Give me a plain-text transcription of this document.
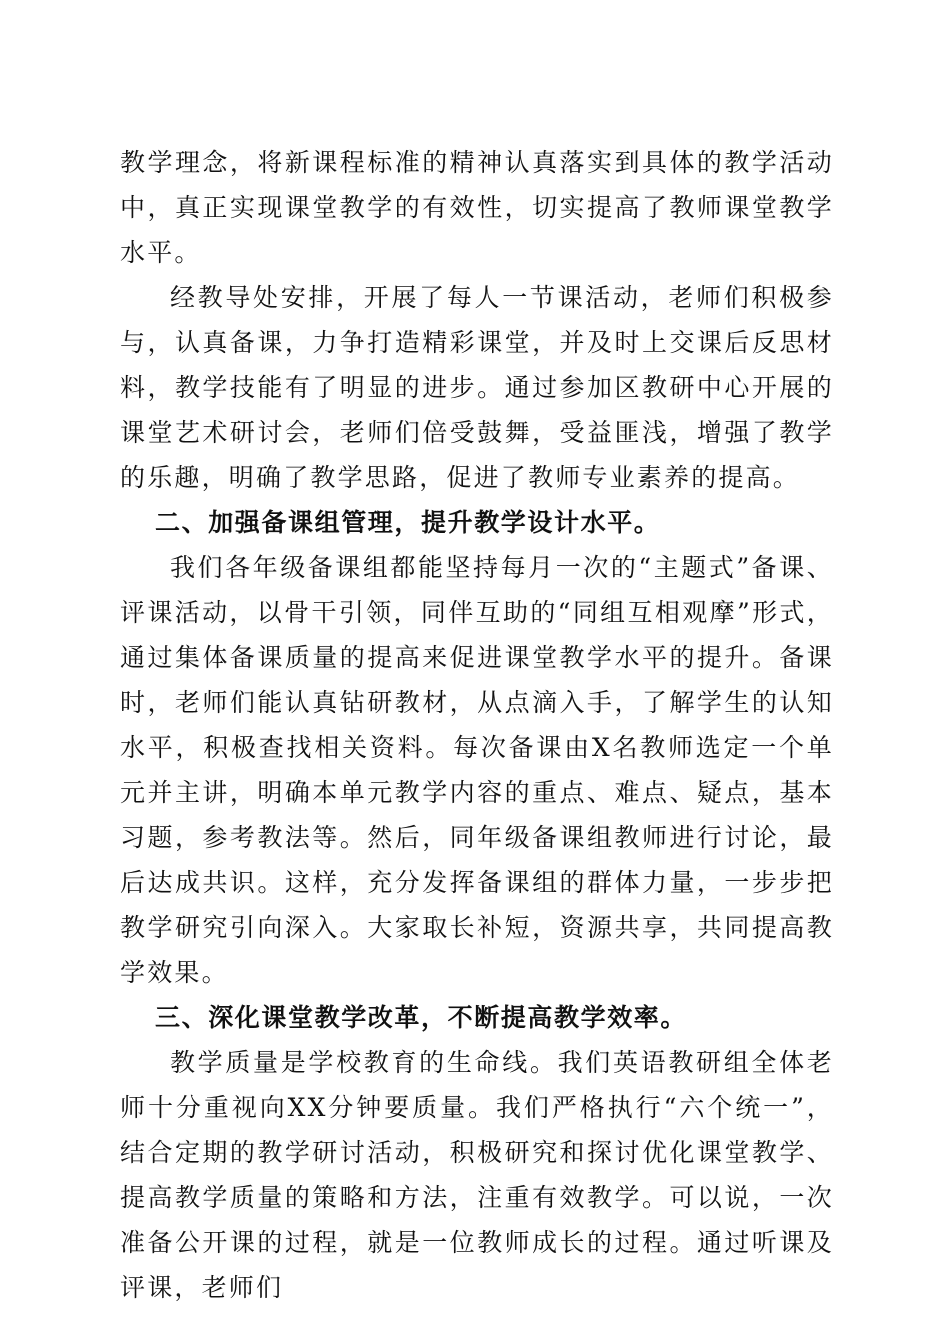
教学理念，将新课程标准的精神认真落实到具体的教学活动中，真正实现课堂教学的有效性，切实提高了教师课堂教学水平。

经教导处安排，开展了每人一节课活动，老师们积极参与，认真备课，力争打造精彩课堂，并及时上交课后反思材料，教学技能有了明显的进步。通过参加区教研中心开展的课堂艺术研讨会，老师们倍受鼓舞，受益匪浅，增强了教学的乐趣，明确了教学思路，促进了教师专业素养的提高。

二、加强备课组管理，提升教学设计水平。

我们各年级备课组都能坚持每月一次的“主题式”备课、评课活动，以骨干引领，同伴互助的“同组互相观摩”形式，通过集体备课质量的提高来促进课堂教学水平的提升。备课时，老师们能认真钻研教材，从点滴入手，了解学生的认知水平，积极查找相关资料。每次备课由X名教师选定一个单元并主讲，明确本单元教学内容的重点、难点、疑点，基本习题，参考教法等。然后，同年级备课组教师进行讨论，最后达成共识。这样，充分发挥备课组的群体力量，一步步把教学研究引向深入。大家取长补短，资源共享，共同提高教学效果。

三、深化课堂教学改革，不断提高教学效率。

教学质量是学校教育的生命线。我们英语教研组全体老师十分重视向XX分钟要质量。我们严格执行“六个统一”，结合定期的教学研讨活动，积极研究和探讨优化课堂教学、提高教学质量的策略和方法，注重有效教学。可以说，一次准备公开课的过程，就是一位教师成长的过程。通过听课及评课，老师们
